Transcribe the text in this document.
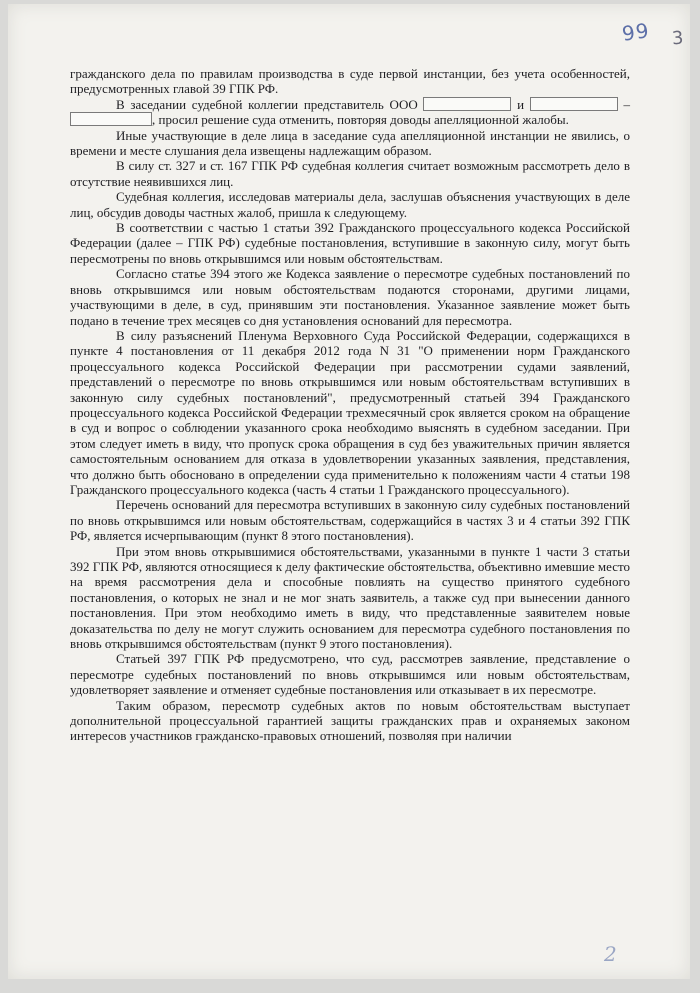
99 3

гражданского дела по правилам производства в суде первой инстанции, без учета особенностей, предусмотренных главой 39 ГПК РФ.

В заседании судебной коллегии представитель ООО	и	– , просил решение суда отменить, повторяя доводы апелляционной жалобы.

Иные участвующие в деле лица в заседание суда апелляционной инстанции не явились, о времени и месте слушания дела извещены надлежащим образом.

В силу ст. 327 и ст. 167 ГПК РФ судебная коллегия считает возможным рассмотреть дело в отсутствие неявившихся лиц.

Судебная коллегия, исследовав материалы дела, заслушав объяснения участвующих в деле лиц, обсудив доводы частных жалоб, пришла к следующему.

В соответствии с частью 1 статьи 392 Гражданского процессуального кодекса Российской Федерации (далее – ГПК РФ) судебные постановления, вступившие в законную силу, могут быть пересмотрены по вновь открывшимся или новым обстоятельствам.

Согласно статье 394 этого же Кодекса заявление о пересмотре судебных постановлений по вновь открывшимся или новым обстоятельствам подаются сторонами, другими лицами, участвующими в деле, в суд, принявшим эти постановления. Указанное заявление может быть подано в течение трех месяцев со дня установления оснований для пересмотра.

В силу разъяснений Пленума Верховного Суда Российской Федерации, содержащихся в пункте 4 постановления от 11 декабря 2012 года N 31 "О применении норм Гражданского процессуального кодекса Российской Федерации при рассмотрении судами заявлений, представлений о пересмотре по вновь открывшимся или новым обстоятельствам вступивших в законную силу судебных постановлений", предусмотренный статьей 394 Гражданского процессуального кодекса Российской Федерации трехмесячный срок является сроком на обращение в суд и вопрос о соблюдении указанного срока необходимо выяснять в судебном заседании. При этом следует иметь в виду, что пропуск срока обращения в суд без уважительных причин является самостоятельным основанием для отказа в удовлетворении указанных заявления, представления, что должно быть обосновано в определении суда применительно к положениям части 4 статьи 198 Гражданского процессуального кодекса (часть 4 статьи 1 Гражданского процессуального).

Перечень оснований для пересмотра вступивших в законную силу судебных постановлений по вновь открывшимся или новым обстоятельствам, содержащийся в частях 3 и 4 статьи 392 ГПК РФ, является исчерпывающим (пункт 8 этого постановления).

При этом вновь открывшимися обстоятельствами, указанными в пункте 1 части 3 статьи 392 ГПК РФ, являются относящиеся к делу фактические обстоятельства, объективно имевшие место на время рассмотрения дела и способные повлиять на существо принятого судебного постановления, о которых не знал и не мог знать заявитель, а также суд при вынесении данного постановления. При этом необходимо иметь в виду, что представленные заявителем новые доказательства по делу не могут служить основанием для пересмотра судебного постановления по вновь открывшимся обстоятельствам (пункт 9 этого постановления).

Статьей 397 ГПК РФ предусмотрено, что суд, рассмотрев заявление, представление о пересмотре судебных постановлений по вновь открывшимся или новым обстоятельствам, удовлетворяет заявление и отменяет судебные постановления или отказывает в их пересмотре.

Таким образом, пересмотр судебных актов по новым обстоятельствам выступает дополнительной процессуальной гарантией защиты гражданских прав и охраняемых законом интересов участников гражданско-правовых отношений, позволяя при наличии

2
